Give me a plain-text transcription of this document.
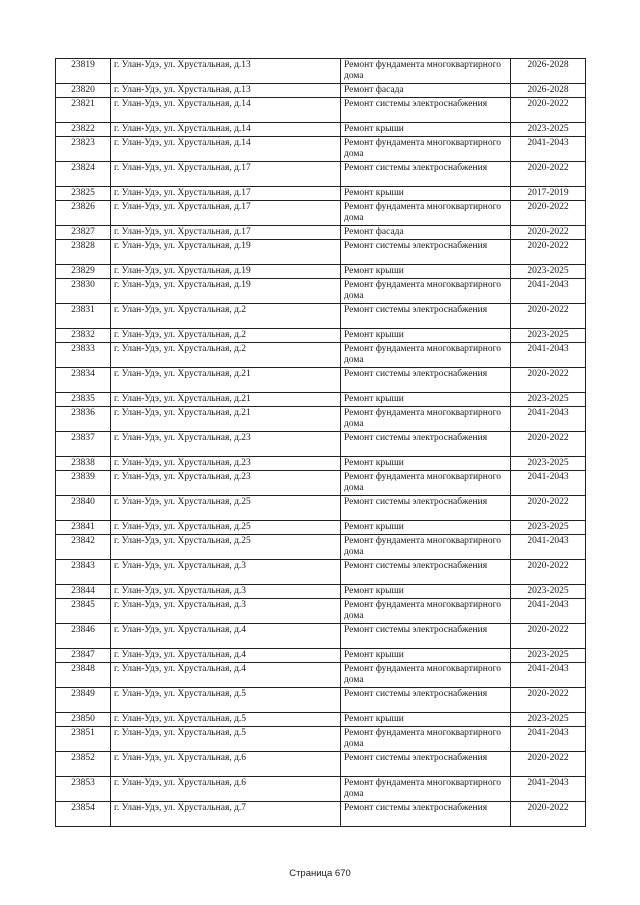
23819	г. Улан-Удэ, ул. Хрустальная, д.13	Ремонт фундамента многоквартирного дома	2026-2028
23820	г. Улан-Удэ, ул. Хрустальная, д.13	Ремонт фасада	2026-2028
23821	г. Улан-Удэ, ул. Хрустальная, д.14	Ремонт системы электроснабжения	2020-2022
23822	г. Улан-Удэ, ул. Хрустальная, д.14	Ремонт крыши	2023-2025
23823	г. Улан-Удэ, ул. Хрустальная, д.14	Ремонт фундамента многоквартирного дома	2041-2043
23824	г. Улан-Удэ, ул. Хрустальная, д.17	Ремонт системы электроснабжения	2020-2022
23825	г. Улан-Удэ, ул. Хрустальная, д.17	Ремонт крыши	2017-2019
23826	г. Улан-Удэ, ул. Хрустальная, д.17	Ремонт фундамента многоквартирного дома	2020-2022
23827	г. Улан-Удэ, ул. Хрустальная, д.17	Ремонт фасада	2020-2022
23828	г. Улан-Удэ, ул. Хрустальная, д.19	Ремонт системы электроснабжения	2020-2022
23829	г. Улан-Удэ, ул. Хрустальная, д.19	Ремонт крыши	2023-2025
23830	г. Улан-Удэ, ул. Хрустальная, д.19	Ремонт фундамента многоквартирного дома	2041-2043
23831	г. Улан-Удэ, ул. Хрустальная, д.2	Ремонт системы электроснабжения	2020-2022
23832	г. Улан-Удэ, ул. Хрустальная, д.2	Ремонт крыши	2023-2025
23833	г. Улан-Удэ, ул. Хрустальная, д.2	Ремонт фундамента многоквартирного дома	2041-2043
23834	г. Улан-Удэ, ул. Хрустальная, д.21	Ремонт системы электроснабжения	2020-2022
23835	г. Улан-Удэ, ул. Хрустальная, д.21	Ремонт крыши	2023-2025
23836	г. Улан-Удэ, ул. Хрустальная, д.21	Ремонт фундамента многоквартирного дома	2041-2043
23837	г. Улан-Удэ, ул. Хрустальная, д.23	Ремонт системы электроснабжения	2020-2022
23838	г. Улан-Удэ, ул. Хрустальная, д.23	Ремонт крыши	2023-2025
23839	г. Улан-Удэ, ул. Хрустальная, д.23	Ремонт фундамента многоквартирного дома	2041-2043
23840	г. Улан-Удэ, ул. Хрустальная, д.25	Ремонт системы электроснабжения	2020-2022
23841	г. Улан-Удэ, ул. Хрустальная, д.25	Ремонт крыши	2023-2025
23842	г. Улан-Удэ, ул. Хрустальная, д.25	Ремонт фундамента многоквартирного дома	2041-2043
23843	г. Улан-Удэ, ул. Хрустальная, д.3	Ремонт системы электроснабжения	2020-2022
23844	г. Улан-Удэ, ул. Хрустальная, д.3	Ремонт крыши	2023-2025
23845	г. Улан-Удэ, ул. Хрустальная, д.3	Ремонт фундамента многоквартирного дома	2041-2043
23846	г. Улан-Удэ, ул. Хрустальная, д.4	Ремонт системы электроснабжения	2020-2022
23847	г. Улан-Удэ, ул. Хрустальная, д.4	Ремонт крыши	2023-2025
23848	г. Улан-Удэ, ул. Хрустальная, д.4	Ремонт фундамента многоквартирного дома	2041-2043
23849	г. Улан-Удэ, ул. Хрустальная, д.5	Ремонт системы электроснабжения	2020-2022
23850	г. Улан-Удэ, ул. Хрустальная, д.5	Ремонт крыши	2023-2025
23851	г. Улан-Удэ, ул. Хрустальная, д.5	Ремонт фундамента многоквартирного дома	2041-2043
23852	г. Улан-Удэ, ул. Хрустальная, д.6	Ремонт системы электроснабжения	2020-2022
23853	г. Улан-Удэ, ул. Хрустальная, д.6	Ремонт фундамента многоквартирного дома	2041-2043
23854	г. Улан-Удэ, ул. Хрустальная, д.7	Ремонт системы электроснабжения	2020-2022
Страница 670
